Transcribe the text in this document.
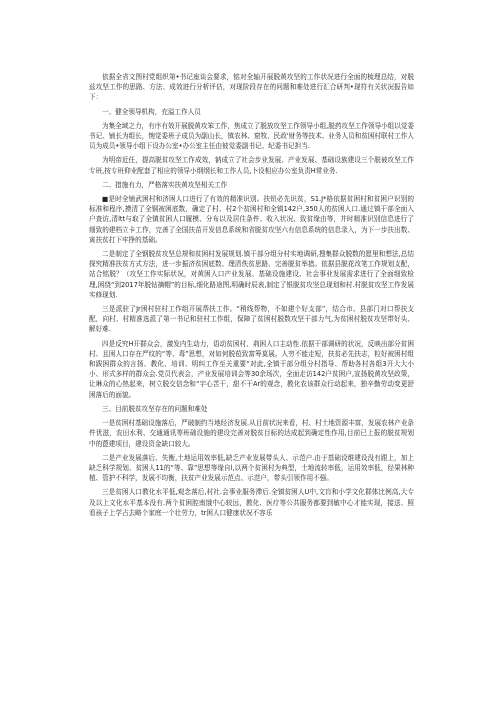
依据全省文图村党组织第•书记座谈会要求，铭对全轴开展脱黄攻坚的工作状况进行全面的梳理总结，对脱兹攻坚工作的思路、方法、成效进行分析评估，对现阶段存在的问题和难处进行汇合研判•现符有关状况报告如下：

一、健全领导机构，充溢工作人员

为集全域之力，有序有效开展脱黄攻笨工作，焦成立了脱放攻坚工作领导小组,脱药攻坚工作领导小组以觉委书记、铺长为组长，惋觉委班子成员为副山长，镇农林、窟牧、民政'财务等技术、业务人员和贫困村联村工作人员为成员•领导小组下设办公室•办公室主任由彼觉委副书记、纪委书记担当.

为明帝近任，提高脱贫攻坚工作成效，钠成立了社会步业发展、产业发展、基础设族建设三个脱被攻坚工作专班,按专班仰业配套了相应的领导小纲纲长和工作人员,卜设相应办公室负责H常业务.

二、措施有力，严格落实扶黄攻坚相关工作

■是时全铺武困村和济困人口进行了有效的精准识别。扶钮必先识贫，S1.J*格依据贫困村和贫困户识别的标准和程序,摸清了全铜被困底数，确定了村、村2个贫困村和全镇142户,350人的贫困人口.通过镇干部全面入户查访,清ltt与取了全镇贫困人口履模、分布以及居住条件、收入状况、致贫缘由等，并时精准识别信息进行了细致的建档立卡工作，完善了全国扶苗开发信息系统和省脱贫攻坚六有信息系统的信息录入，为下一步扶出数、寅扶贫打下牢挣的基础。

二是制定了全钢脱贫攻坚总规和贫困村发展规划.镇干部分组分村实地调研,搜集群众脱数的愿里和想法,总结探究精准扶贫方式方法，进一步振济贫困底数、理清佚贫思路、完善脱贫举措。依据县脱花改笔工作规划支配，站合铭脱？（攻坚工作实际状况，对黄困人口产业发展、基础设施建设、社会事业发展需求进行了全面细致检理,困绕“到2017年脱钻摘帽”的目标,细化路途图,明确时辰表,制定了银脱贫攻坚总现划和村.村脱贫攻坚工作发展实修现划.

三是派驻了Jr困村驻村工作组开展帮扶工作。“稍线帮物，不如建个好支部”，结合市、县部门对口帮扶支配，向村、村精准选派了第一书记和驻村工作组，保障了贫困村脱数攻坚干部力气,为贫困村脱贫攻坚带好头、解好难.

四是反究H开群众会，激发内生动力，语动贫困村、荊困人口主动性.依据干部调研的状况，反映出部分贫困村、且困人口存在严纹的“等、毒”思想，对如何脱苞致富筹莫展。人穷不能走短，扶贫必先扶志，粒好被困村组和跋困群众的言扬、教化、培训、明纠工作至关重要“对此,全镇干部分组分村指导、帮助各村各组3开大大小小、形式多样的群众会.党员代表会，产业发展培训会等30余场次，全面走访142户贫困户,宣扬脱黄攻坚政策，让琳众的心热起来，树立脱交信念和“宇心苦干，甜不干Ar的观念，教化农该群众行动起来，独辛勤劳动变更舒困落后的面貌。

三、目前脱贫攻坚存在的问题和难处

一是贫困村基础设施落后，严破制约当地经济发展.从目前状况来看，村、村土地资源丰富，发展农林产业条件优滋，农田水利、交通通讯等班础设施的建设完善对脱贫目标的达成起到确定性作用,目前已上报的脱贫规划中的蓖建项目，建设资金缺口较大。

二是产业发展落后、失衡,土地运用效率低,缺乏产业发展带头人、示范户.由于基础设维建设没有跟上，加上缺乏科学规划、贫困人11的“等、靠”思想等缘自l,以两个贫困村为典型，土地流转率低，运用效率低，经果林种植、管护不科学，发展不均衡，扶贫产业发展示范点、示范户，带头引领作用不强。

三是贫困人口教化水平低,观念落后,村社.会事业服务滞后.全镇贫困人U中,文盲和小学文化群体比例高,大专及以上文化水平基本没有.两个贫困腔南饿中心较远，教化、医疗等公共服务都要到敏中心才能实现，接送、照看孩子上学占去略个家庭一个壮劳力，tr困人口健康状况不容乐
